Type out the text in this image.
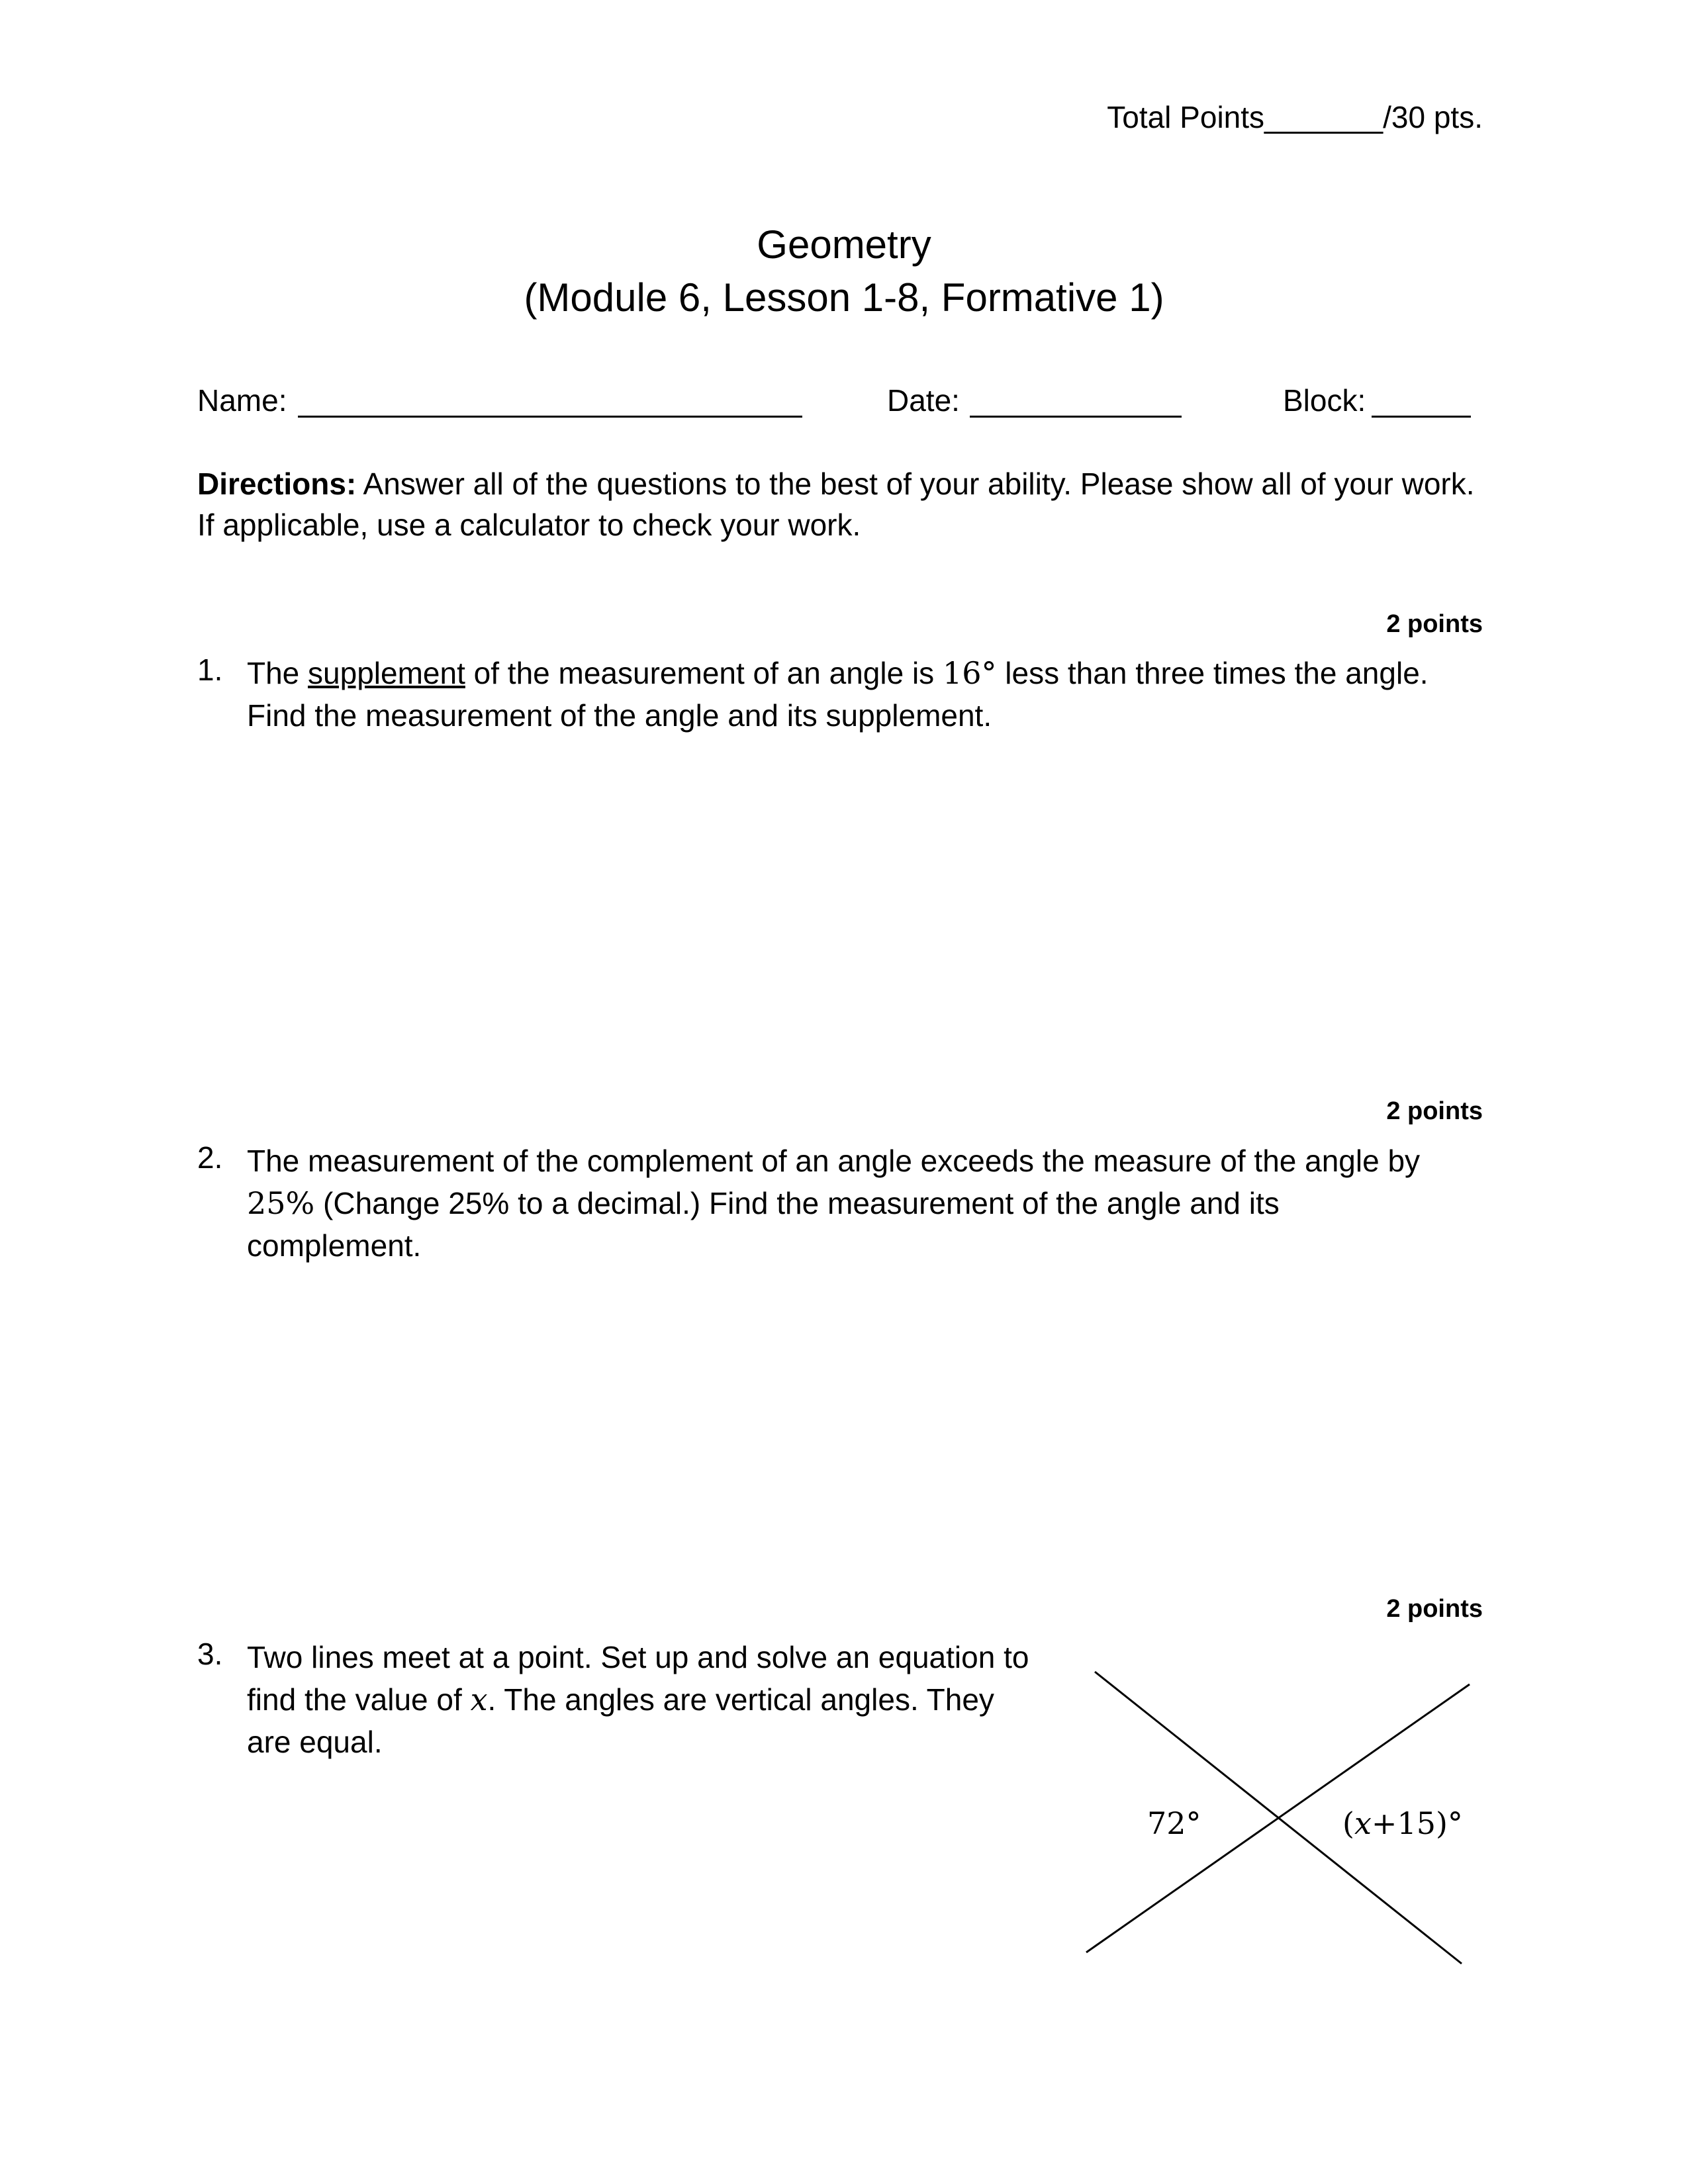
Total Points_______/30 pts.
Geometry
(Module 6, Lesson 1-8, Formative 1)
Name:	Date:	Block:
Directions: Answer all of the questions to the best of your ability. Please show all of your work. If applicable, use a calculator to check your work.
2 points
1. The supplement of the measurement of an angle is 16° less than three times the angle. Find the measurement of the angle and its supplement.
2 points
2. The measurement of the complement of an angle exceeds the measure of the angle by 25% (Change 25% to a decimal.) Find the measurement of the angle and its complement.
2 points
3. Two lines meet at a point. Set up and solve an equation to find the value of x. The angles are vertical angles. They are equal.
72°	(x+15)°
